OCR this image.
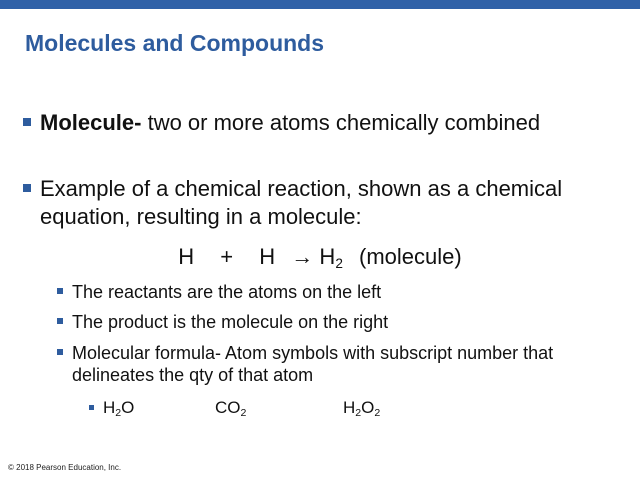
Molecules and Compounds
Molecule- two or more atoms chemically combined
Example of a chemical reaction, shown as a chemical equation, resulting in a molecule:
$H + H \to H_2$ (molecule)
The reactants are the atoms on the left
The product is the molecule on the right
Molecular formula- Atom symbols with subscript number that delineates the qty of that atom
$H_2O$	$CO_2$	$H_2O_2$
© 2018 Pearson Education, Inc.
